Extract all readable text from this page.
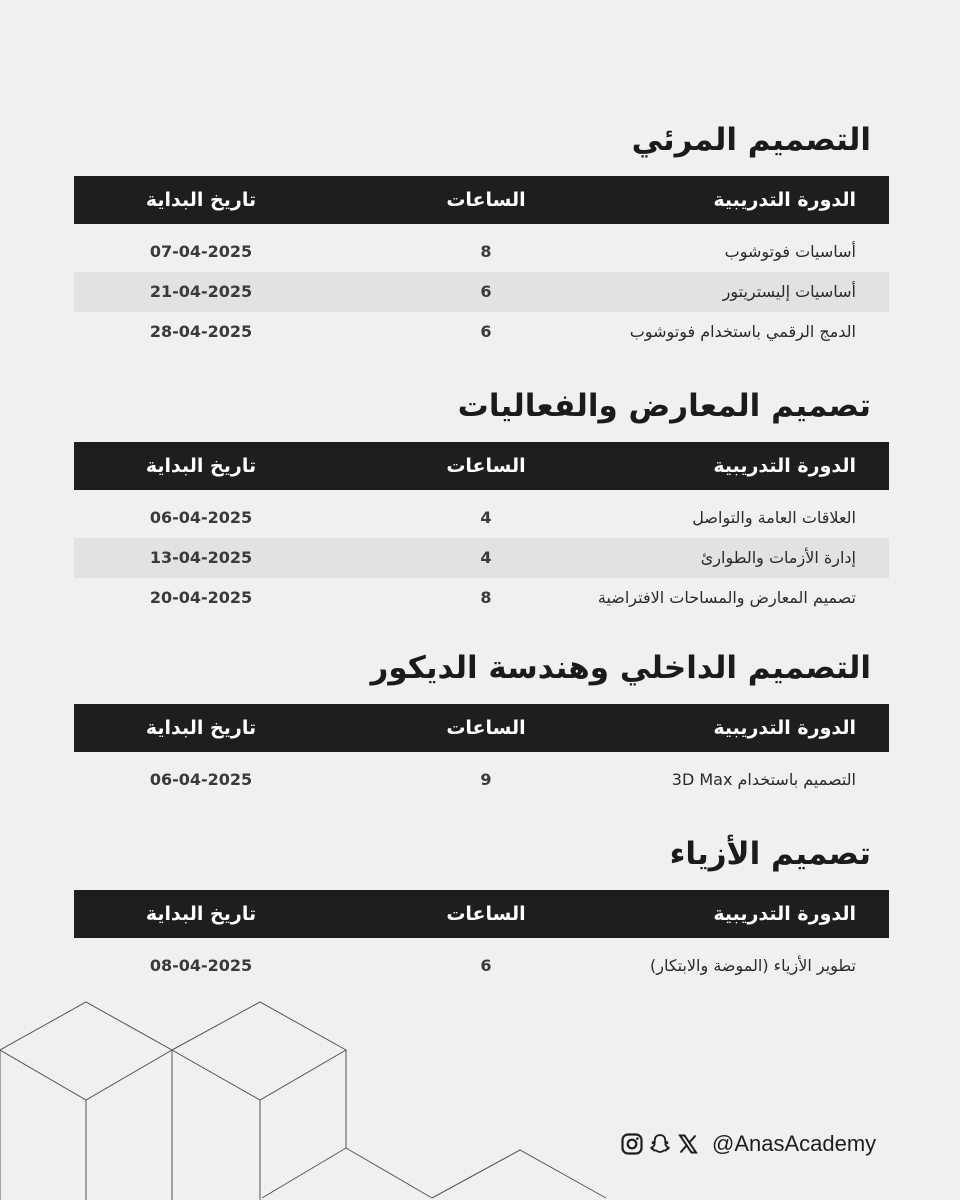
التصميم المرئي
الدورة التدريبية
الساعات
تاريخ البداية
أساسيات فوتوشوب
8
07-04-2025
أساسيات إليستريتور
6
21-04-2025
الدمج الرقمي باستخدام فوتوشوب
6
28-04-2025
تصميم المعارض والفعاليات
الدورة التدريبية
الساعات
تاريخ البداية
العلاقات العامة والتواصل
4
06-04-2025
إدارة الأزمات والطوارئ
4
13-04-2025
تصميم المعارض والمساحات الافتراضية
8
20-04-2025
التصميم الداخلي وهندسة الديكور
الدورة التدريبية
الساعات
تاريخ البداية
التصميم باستخدام 3D Max
9
06-04-2025
تصميم الأزياء
الدورة التدريبية
الساعات
تاريخ البداية
تطوير الأزياء (الموضة والابتكار)
6
08-04-2025
@AnasAcademy
